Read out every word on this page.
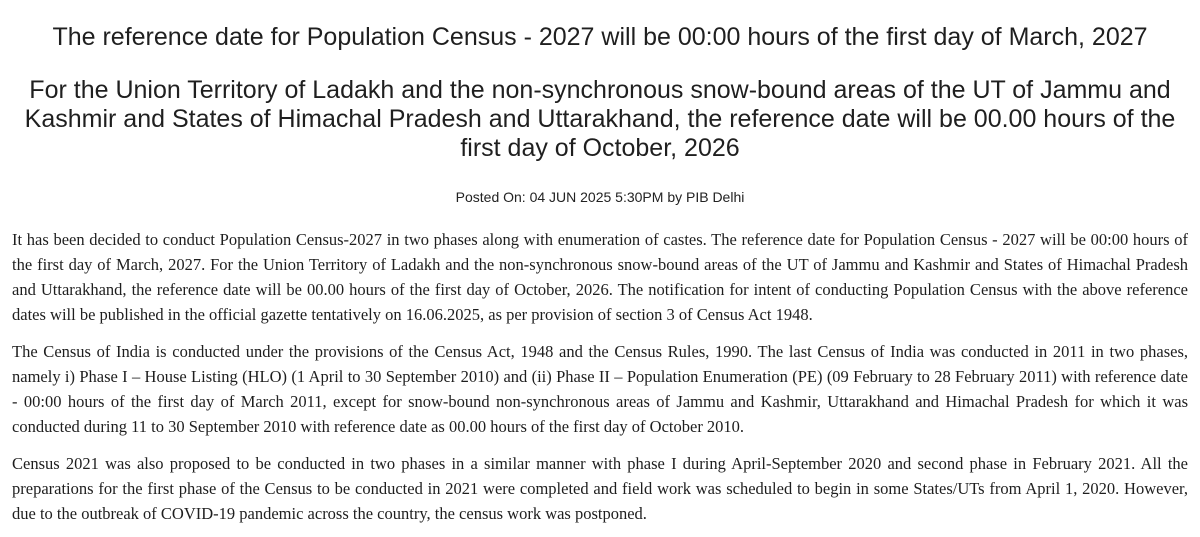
The reference date for Population Census - 2027 will be 00:00 hours of the first day of March, 2027
For the Union Territory of Ladakh and the non-synchronous snow-bound areas of the UT of Jammu and Kashmir and States of Himachal Pradesh and Uttarakhand, the reference date will be 00.00 hours of the first day of October, 2026
Posted On: 04 JUN 2025 5:30PM by PIB Delhi

It has been decided to conduct Population Census-2027 in two phases along with enumeration of castes. The reference date for Population Census - 2027 will be 00:00 hours of the first day of March, 2027. For the Union Territory of Ladakh and the non-synchronous snow-bound areas of the UT of Jammu and Kashmir and States of Himachal Pradesh and Uttarakhand, the reference date will be 00.00 hours of the first day of October, 2026. The notification for intent of conducting Population Census with the above reference dates will be published in the official gazette tentatively on 16.06.2025, as per provision of section 3 of Census Act 1948.

The Census of India is conducted under the provisions of the Census Act, 1948 and the Census Rules, 1990. The last Census of India was conducted in 2011 in two phases, namely i) Phase I – House Listing (HLO) (1 April to 30 September 2010) and (ii) Phase II – Population Enumeration (PE) (09 February to 28 February 2011) with reference date - 00:00 hours of the first day of March 2011, except for snow-bound non-synchronous areas of Jammu and Kashmir, Uttarakhand and Himachal Pradesh for which it was conducted during 11 to 30 September 2010 with reference date as 00.00 hours of the first day of October 2010.

Census 2021 was also proposed to be conducted in two phases in a similar manner with phase I during April-September 2020 and second phase in February 2021. All the preparations for the first phase of the Census to be conducted in 2021 were completed and field work was scheduled to begin in some States/UTs from April 1, 2020. However, due to the outbreak of COVID-19 pandemic across the country, the census work was postponed.
